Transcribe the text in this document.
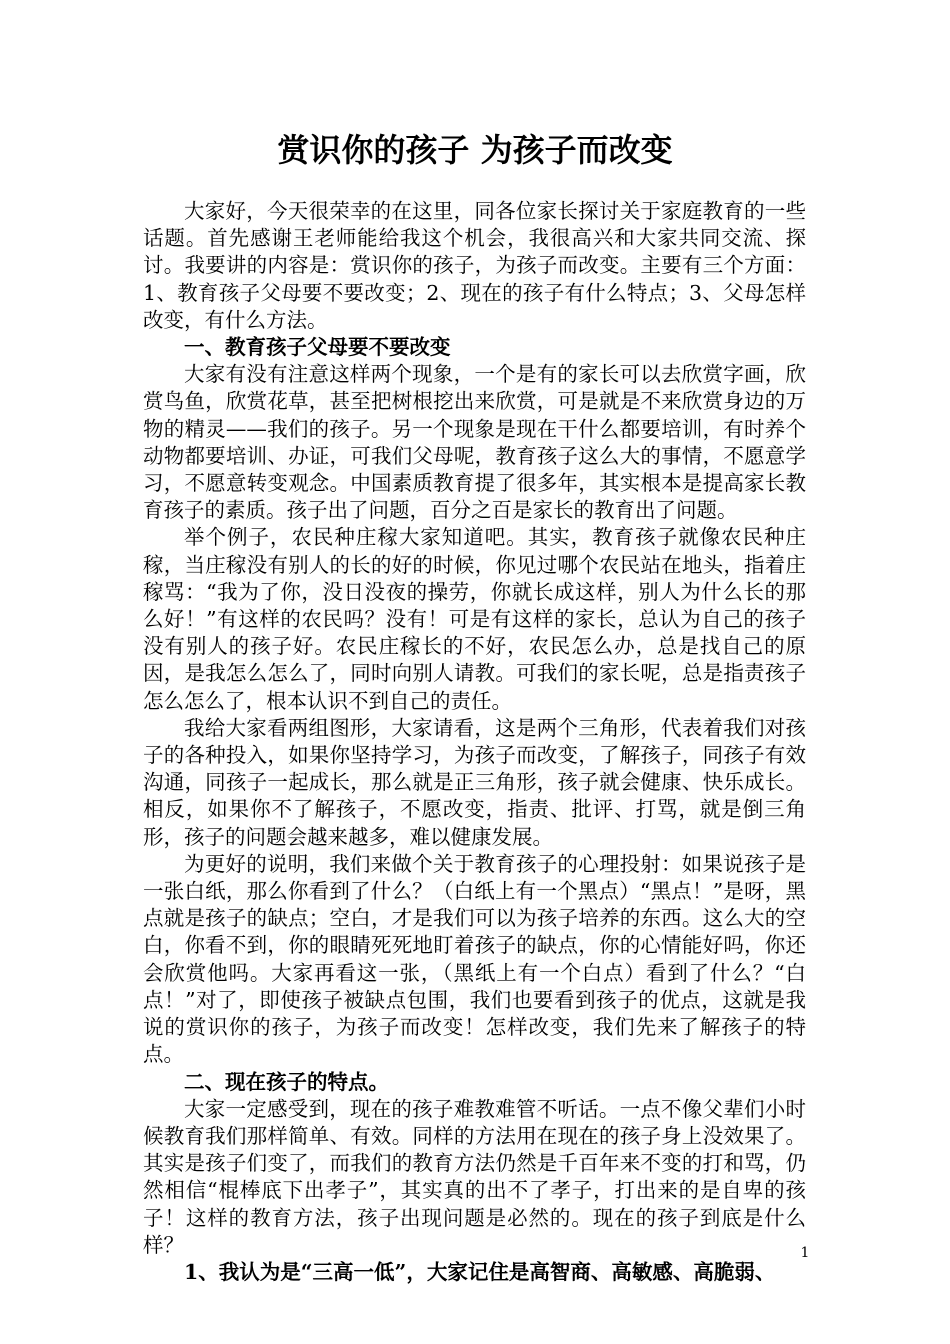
赏识你的孩子 为孩子而改变

大家好，今天很荣幸的在这里，同各位家长探讨关于家庭教育的一些话题。首先感谢王老师能给我这个机会，我很高兴和大家共同交流、探讨。我要讲的内容是：赏识你的孩子，为孩子而改变。主要有三个方面：1、教育孩子父母要不要改变；2、现在的孩子有什么特点；3、父母怎样改变，有什么方法。

一、教育孩子父母要不要改变

大家有没有注意这样两个现象，一个是有的家长可以去欣赏字画，欣赏鸟鱼，欣赏花草，甚至把树根挖出来欣赏，可是就是不来欣赏身边的万物的精灵——我们的孩子。另一个现象是现在干什么都要培训，有时养个动物都要培训、办证，可我们父母呢，教育孩子这么大的事情，不愿意学习，不愿意转变观念。中国素质教育提了很多年，其实根本是提高家长教育孩子的素质。孩子出了问题，百分之百是家长的教育出了问题。

举个例子，农民种庄稼大家知道吧。其实，教育孩子就像农民种庄稼，当庄稼没有别人的长的好的时候，你见过哪个农民站在地头，指着庄稼骂：“我为了你，没日没夜的操劳，你就长成这样，别人为什么长的那么好！”有这样的农民吗？没有！可是有这样的家长，总认为自己的孩子没有别人的孩子好。农民庄稼长的不好，农民怎么办，总是找自己的原因，是我怎么怎么了，同时向别人请教。可我们的家长呢，总是指责孩子怎么怎么了，根本认识不到自己的责任。

我给大家看两组图形，大家请看，这是两个三角形，代表着我们对孩子的各种投入，如果你坚持学习，为孩子而改变，了解孩子，同孩子有效沟通，同孩子一起成长，那么就是正三角形，孩子就会健康、快乐成长。相反，如果你不了解孩子，不愿改变，指责、批评、打骂，就是倒三角形，孩子的问题会越来越多，难以健康发展。

为更好的说明，我们来做个关于教育孩子的心理投射：如果说孩子是一张白纸，那么你看到了什么？（白纸上有一个黑点）“黑点！”是呀，黑点就是孩子的缺点；空白，才是我们可以为孩子培养的东西。这么大的空白，你看不到，你的眼睛死死地盯着孩子的缺点，你的心情能好吗，你还会欣赏他吗。大家再看这一张，（黑纸上有一个白点）看到了什么？“白点！”对了，即使孩子被缺点包围，我们也要看到孩子的优点，这就是我说的赏识你的孩子，为孩子而改变！怎样改变，我们先来了解孩子的特点。

二、现在孩子的特点。

大家一定感受到，现在的孩子难教难管不听话。一点不像父辈们小时候教育我们那样简单、有效。同样的方法用在现在的孩子身上没效果了。其实是孩子们变了，而我们的教育方法仍然是千百年来不变的打和骂，仍然相信“棍棒底下出孝子”，其实真的出不了孝子，打出来的是自卑的孩子！这样的教育方法，孩子出现问题是必然的。现在的孩子到底是什么样？

1、我认为是“三高一低”，大家记住是高智商、高敏感、高脆弱、

1
